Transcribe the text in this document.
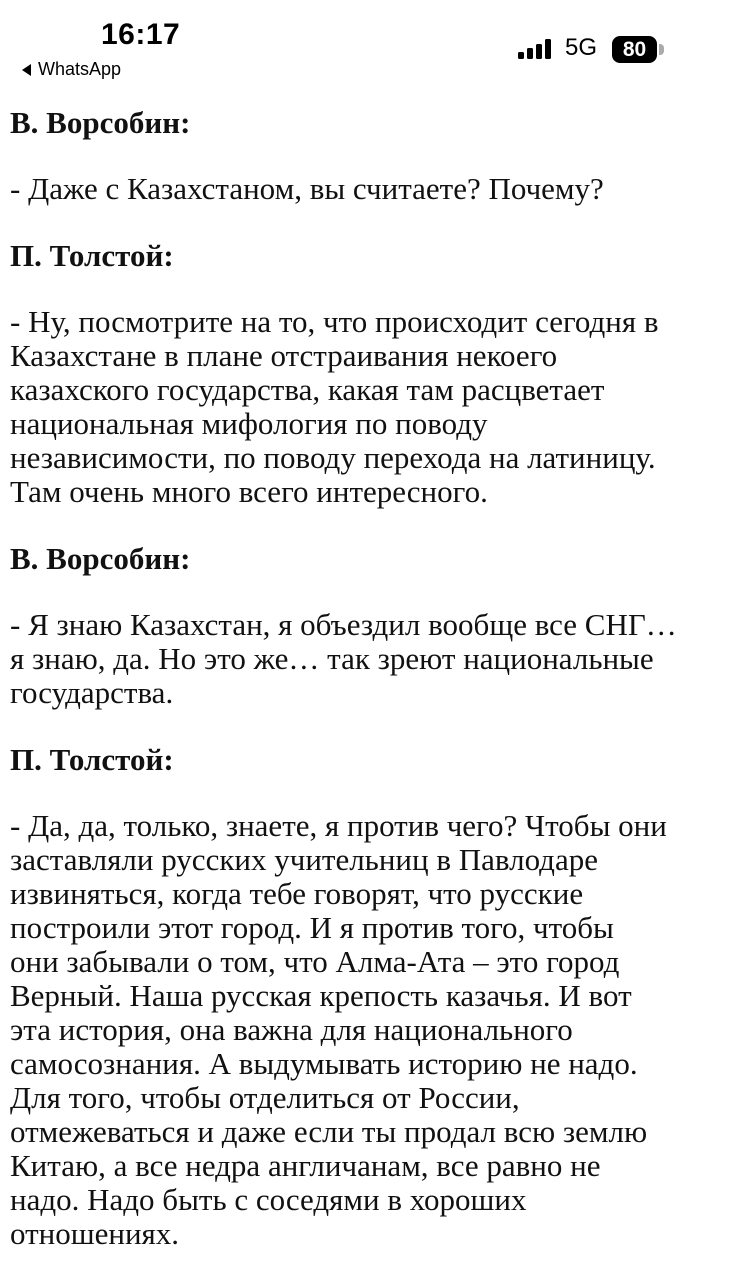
16:17
WhatsApp
5G	80

В. Ворсобин:

- Даже с Казахстаном, вы считаете? Почему?

П. Толстой:

- Ну, посмотрите на то, что происходит сегодня в

Казахстане в плане отстраивания некоего

казахского государства, какая там расцветает

национальная мифология по поводу

независимости, по поводу перехода на латиницу.

Там очень много всего интересного.

В. Ворсобин:

- Я знаю Казахстан, я объездил вообще все СНГ…

я знаю, да. Но это же… так зреют национальные

государства.

П. Толстой:

- Да, да, только, знаете, я против чего? Чтобы они

заставляли русских учительниц в Павлодаре

извиняться, когда тебе говорят, что русские

построили этот город. И я против того, чтобы

они забывали о том, что Алма-Ата – это город

Верный. Наша русская крепость казачья. И вот

эта история, она важна для национального

самосознания. А выдумывать историю не надо.

Для того, чтобы отделиться от России,

отмежеваться и даже если ты продал всю землю

Китаю, а все недра англичанам, все равно не

надо. Надо быть с соседями в хороших

отношениях.
